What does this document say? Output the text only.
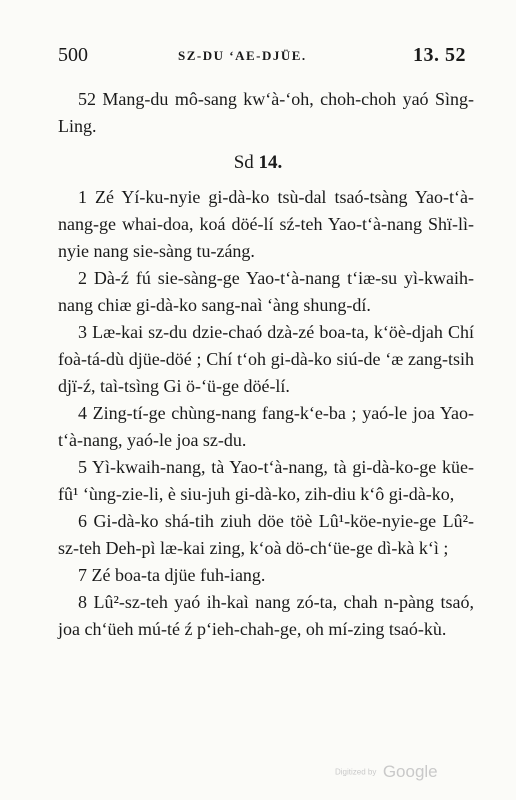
500	SZ-DU ‘AE-DJÜE.	13. 52

52 Mang-du mô-sang kw‘à-‘oh, choh-choh yaó Sìng-Ling.

Sd 14.

1 Zé Yí-ku-nyie gi-dà-ko tsù-dal tsaó-tsàng Yao-t‘à-nang-ge whai-doa, koá döé-lí sź-teh Yao-t‘à-nang Shï-lì-nyie nang sie-sàng tu-záng.

2 Dà-ź fú sie-sàng-ge Yao-t‘à-nang t‘iæ-su yì-kwaih-nang chiæ gi-dà-ko sang-naì ‘àng shung-dí.

3 Læ-kai sz-du dzie-chaó dzà-zé boa-ta, k‘öè-djah Chí foà-tá-dù djüe-döé ; Chí t‘oh gi-dà-ko siú-de ‘æ zang-tsih djï-ź, taì-tsìng Gi ö-‘ü-ge döé-lí.

4 Zing-tí-ge chùng-nang fang-k‘e-ba ; yaó-le joa Yao-t‘à-nang, yaó-le joa sz-du.

5 Yì-kwaih-nang, tà Yao-t‘à-nang, tà gi-dà-ko-ge küe-fû¹ ‘ùng-zie-li, è siu-juh gi-dà-ko, zih-diu k‘ô gi-dà-ko,

6 Gi-dà-ko shá-tih ziuh döe töè Lû¹-köe-nyie-ge Lû²-sz-teh Deh-pì læ-kai zing, k‘oà dö-ch‘üe-ge dì-kà k‘ì ;

7 Zé boa-ta djüe fuh-iang.

8 Lû²-sz-teh yaó ih-kaì nang zó-ta, chah n-pàng tsaó, joa ch‘üeh mú-té ź p‘ieh-chah-ge, oh mí-zing tsaó-kù.

Digitized by Google
